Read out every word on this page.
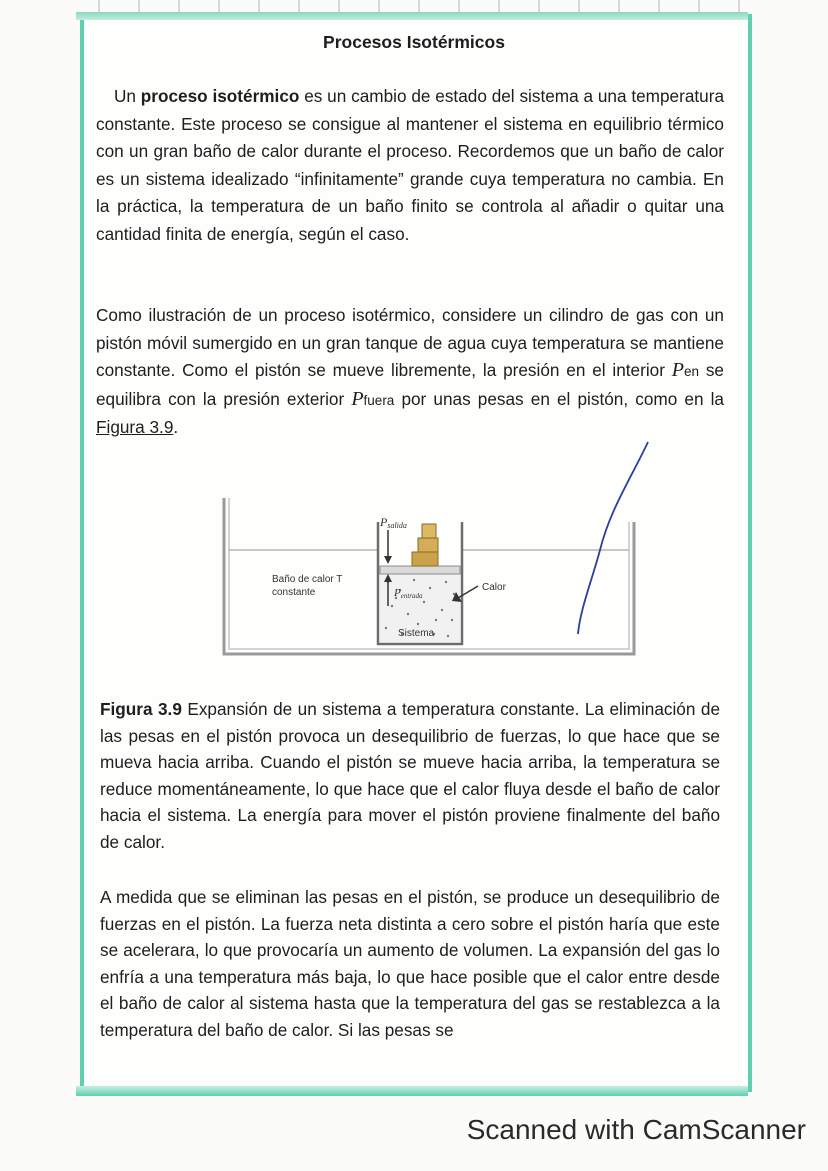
Procesos Isotérmicos

Un proceso isotérmico es un cambio de estado del sistema a una temperatura constante. Este proceso se consigue al mantener el sistema en equilibrio térmico con un gran baño de calor durante el proceso. Recordemos que un baño de calor es un sistema idealizado “infinitamente” grande cuya temperatura no cambia. En la práctica, la temperatura de un baño finito se controla al añadir o quitar una cantidad finita de energía, según el caso.

Como ilustración de un proceso isotérmico, considere un cilindro de gas con un pistón móvil sumergido en un gran tanque de agua cuya temperatura se mantiene constante. Como el pistón se mueve libremente, la presión en el interior Pen se equilibra con la presión exterior Pfuera por unas pesas en el pistón, como en la Figura 3.9.

Psalida
Baño de calor T
constante	Pentrada
Calor
Sistema

Figura 3.9 Expansión de un sistema a temperatura constante. La eliminación de las pesas en el pistón provoca un desequilibrio de fuerzas, lo que hace que se mueva hacia arriba. Cuando el pistón se mueve hacia arriba, la temperatura se reduce momentáneamente, lo que hace que el calor fluya desde el baño de calor hacia el sistema. La energía para mover el pistón proviene finalmente del baño de calor.

A medida que se eliminan las pesas en el pistón, se produce un desequilibrio de fuerzas en el pistón. La fuerza neta distinta a cero sobre el pistón haría que este se acelerara, lo que provocaría un aumento de volumen. La expansión del gas lo enfría a una temperatura más baja, lo que hace posible que el calor entre desde el baño de calor al sistema hasta que la temperatura del gas se restablezca a la temperatura del baño de calor. Si las pesas se

Scanned with CamScanner
